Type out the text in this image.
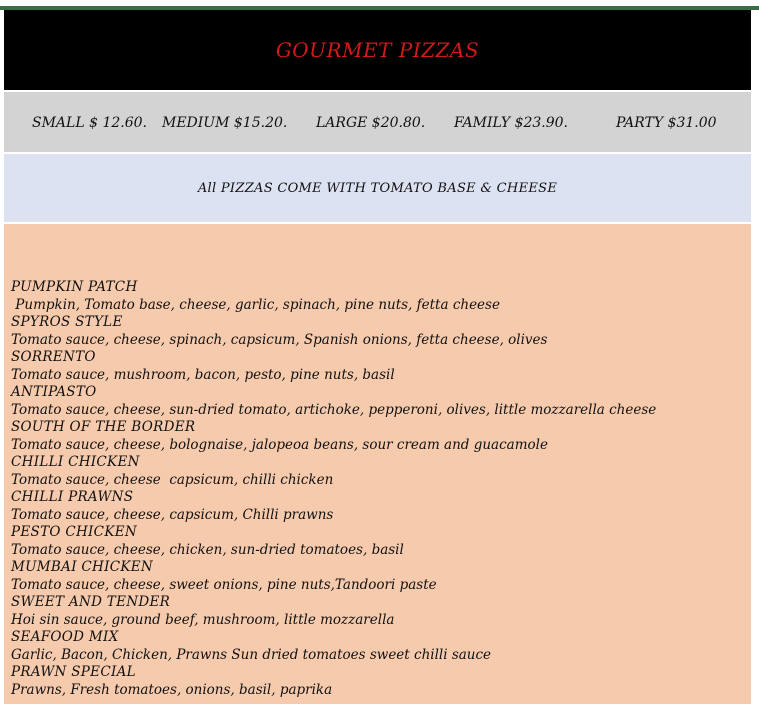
GOURMET PIZZAS
SMALL $ 12.60. MEDIUM $15.20. LARGE $20.80. FAMILY $23.90.	PARTY $31.00
All PIZZAS COME WITH TOMATO BASE & CHEESE
PUMPKIN PATCH
Pumpkin, Tomato base, cheese, garlic, spinach, pine nuts, fetta cheese
SPYROS STYLE
Tomato sauce, cheese, spinach, capsicum, Spanish onions, fetta cheese, olives
SORRENTO
Tomato sauce, mushroom, bacon, pesto, pine nuts, basil
ANTIPASTO
Tomato sauce, cheese, sun-dried tomato, artichoke, pepperoni, olives, little mozzarella cheese
SOUTH OF THE BORDER
Tomato sauce, cheese, bolognaise, jalopeoa beans, sour cream and guacamole
CHILLI CHICKEN
Tomato sauce, cheese  capsicum, chilli chicken
CHILLI PRAWNS
Tomato sauce, cheese, capsicum, Chilli prawns
PESTO CHICKEN
Tomato sauce, cheese, chicken, sun-dried tomatoes, basil
MUMBAI CHICKEN
Tomato sauce, cheese, sweet onions, pine nuts,Tandoori paste
SWEET AND TENDER
Hoi sin sauce, ground beef, mushroom, little mozzarella
SEAFOOD MIX
Garlic, Bacon, Chicken, Prawns Sun dried tomatoes sweet chilli sauce
PRAWN SPECIAL
Prawns, Fresh tomatoes, onions, basil, paprika
